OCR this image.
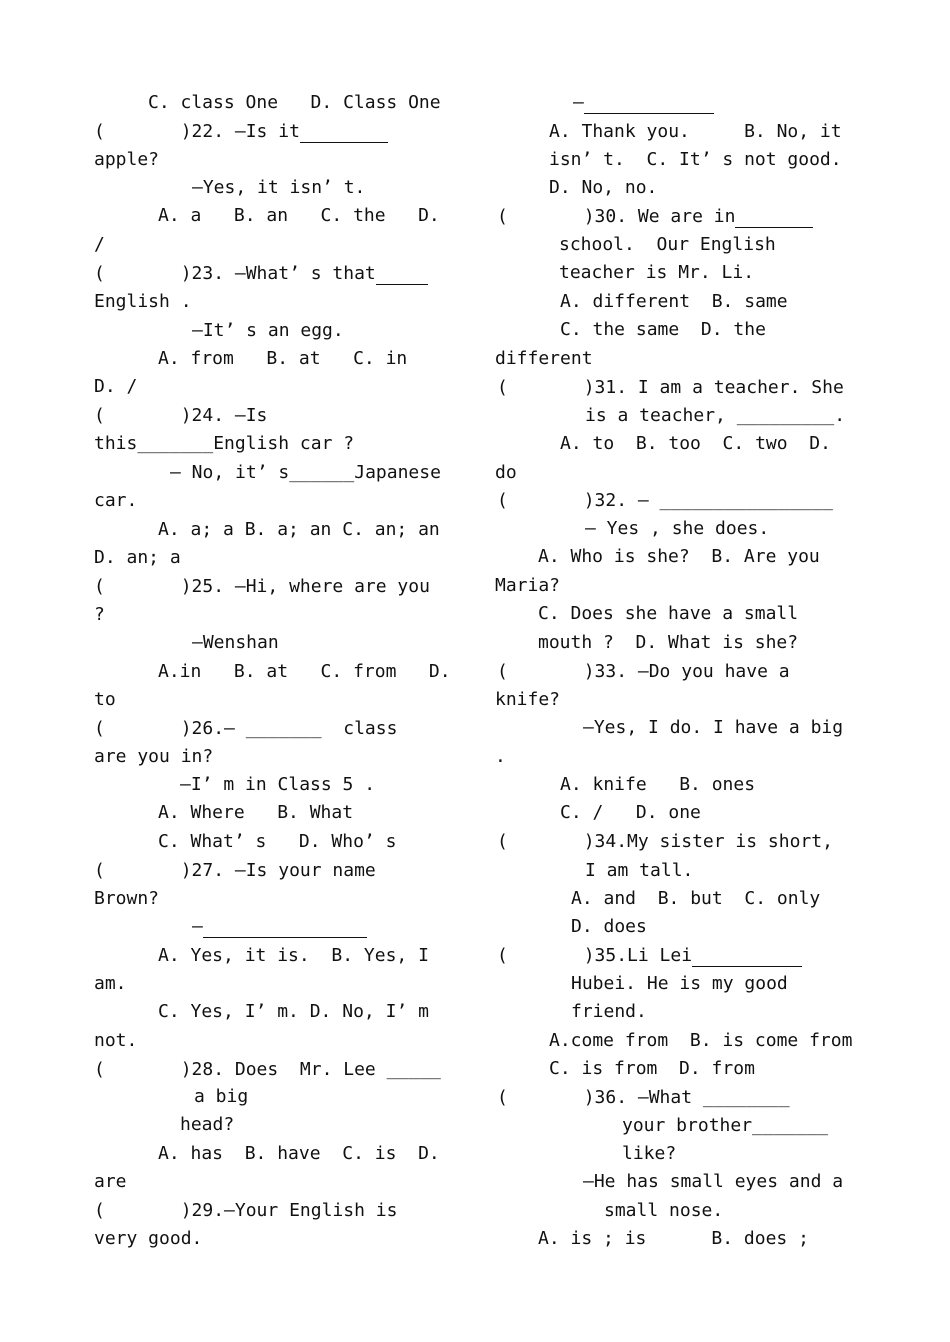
C. class One   D. Class One
(       )22. —Is it
apple?
—Yes, it isn’ t.
A. a   B. an   C. the   D.
/
(       )23. —What’ s that
English .
—It’ s an egg.
A. from   B. at   C. in
D. /
(       )24. —Is
this_______English car ?
— No, it’ s______Japanese
car.
A. a; a B. a; an C. an; an
D. an; a
(       )25. —Hi, where are you
?
—Wenshan
A.in   B. at   C. from   D.
to
(       )26.— _______  class
are you in?
—I’ m in Class 5 .
A. Where   B. What
C. What’ s   D. Who’ s
(       )27. —Is your name
Brown?
—
A. Yes, it is.  B. Yes, I
am.
C. Yes, I’ m. D. No, I’ m
not.
(       )28. Does  Mr. Lee _____
a big
head?
A. has  B. have  C. is  D.
are
(       )29.—Your English is
very good.
—
A. Thank you.     B. No, it
isn’ t.  C. It’ s not good.
D. No, no.
(       )30. We are in
school.  Our English
teacher is Mr. Li.
A. different  B. same
C. the same  D. the
different
(       )31. I am a teacher. She
is a teacher, _________.
A. to  B. too  C. two  D.
do
(       )32. — ________________
— Yes , she does.
A. Who is she?  B. Are you
Maria?
C. Does she have a small
mouth ?  D. What is she?
(       )33. —Do you have a
knife?
—Yes, I do. I have a big
.
A. knife   B. ones
C. /   D. one
(       )34.My sister is short,
I am tall.
A. and  B. but  C. only
D. does
(       )35.Li Lei
Hubei. He is my good
friend.
A.come from  B. is come from
C. is from  D. from
(       )36. —What ________
your brother_______
like?
—He has small eyes and a
small nose.
A. is ; is      B. does ;
